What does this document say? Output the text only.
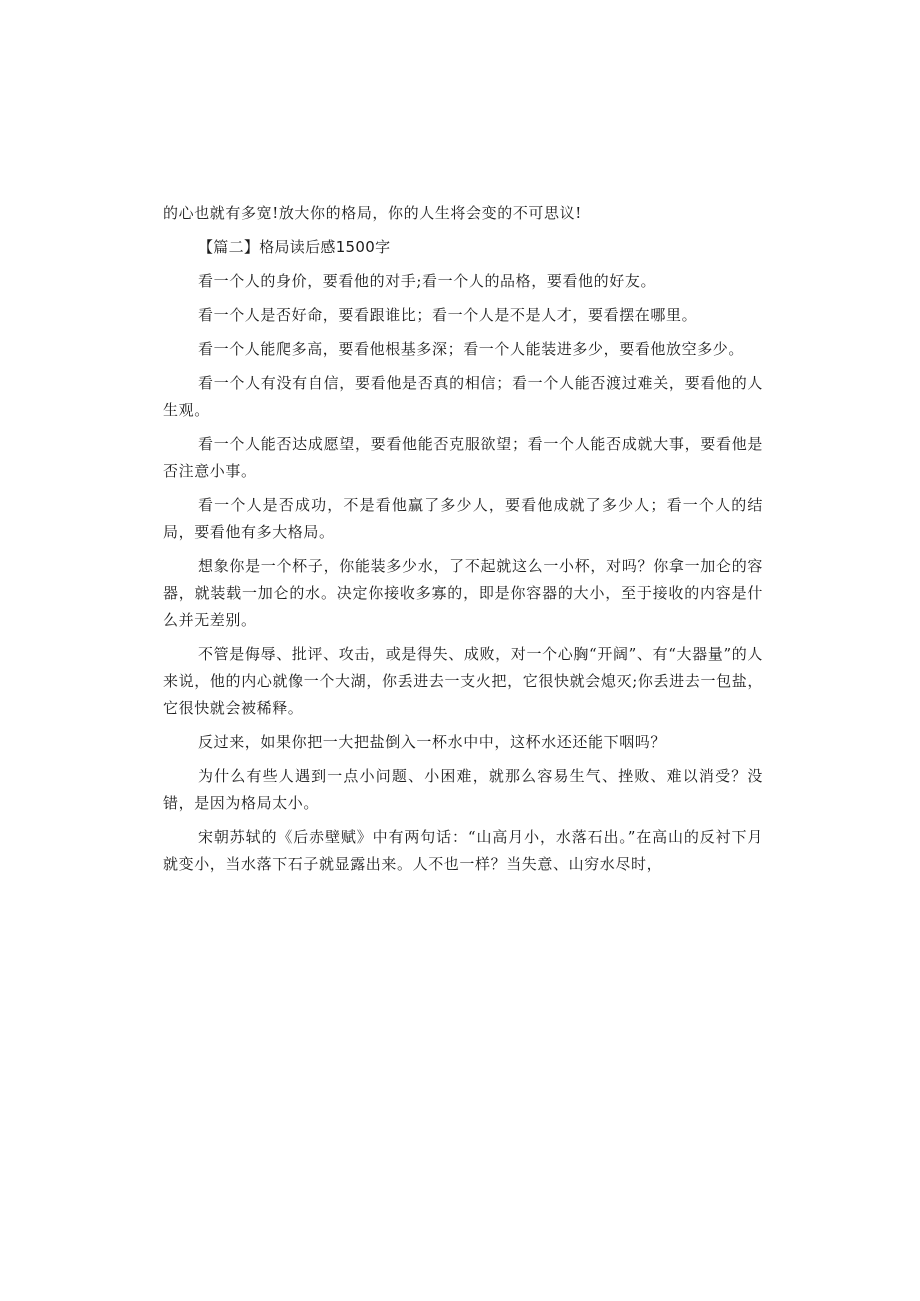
的心也就有多宽!放大你的格局，你的人生将会变的不可思议!

【篇二】格局读后感1500字

看一个人的身价，要看他的对手;看一个人的品格，要看他的好友。

看一个人是否好命，要看跟谁比；看一个人是不是人才，要看摆在哪里。

看一个人能爬多高，要看他根基多深；看一个人能装进多少，要看他放空多少。

看一个人有没有自信，要看他是否真的相信；看一个人能否渡过难关，要看他的人生观。

看一个人能否达成愿望，要看他能否克服欲望；看一个人能否成就大事，要看他是否注意小事。

看一个人是否成功，不是看他赢了多少人，要看他成就了多少人；看一个人的结局，要看他有多大格局。

想象你是一个杯子，你能装多少水，了不起就这么一小杯，对吗？你拿一加仑的容器，就装载一加仑的水。决定你接收多寡的，即是你容器的大小，至于接收的内容是什么并无差别。

不管是侮辱、批评、攻击，或是得失、成败，对一个心胸“开阔”、有“大器量”的人来说，他的内心就像一个大湖，你丢进去一支火把，它很快就会熄灭;你丢进去一包盐，它很快就会被稀释。

反过来，如果你把一大把盐倒入一杯水中中，这杯水还还能下咽吗？

为什么有些人遇到一点小问题、小困难，就那么容易生气、挫败、难以消受？没错，是因为格局太小。

宋朝苏轼的《后赤壁赋》中有两句话：“山高月小，水落石出。”在高山的反衬下月就变小，当水落下石子就显露出来。人不也一样？当失意、山穷水尽时，
